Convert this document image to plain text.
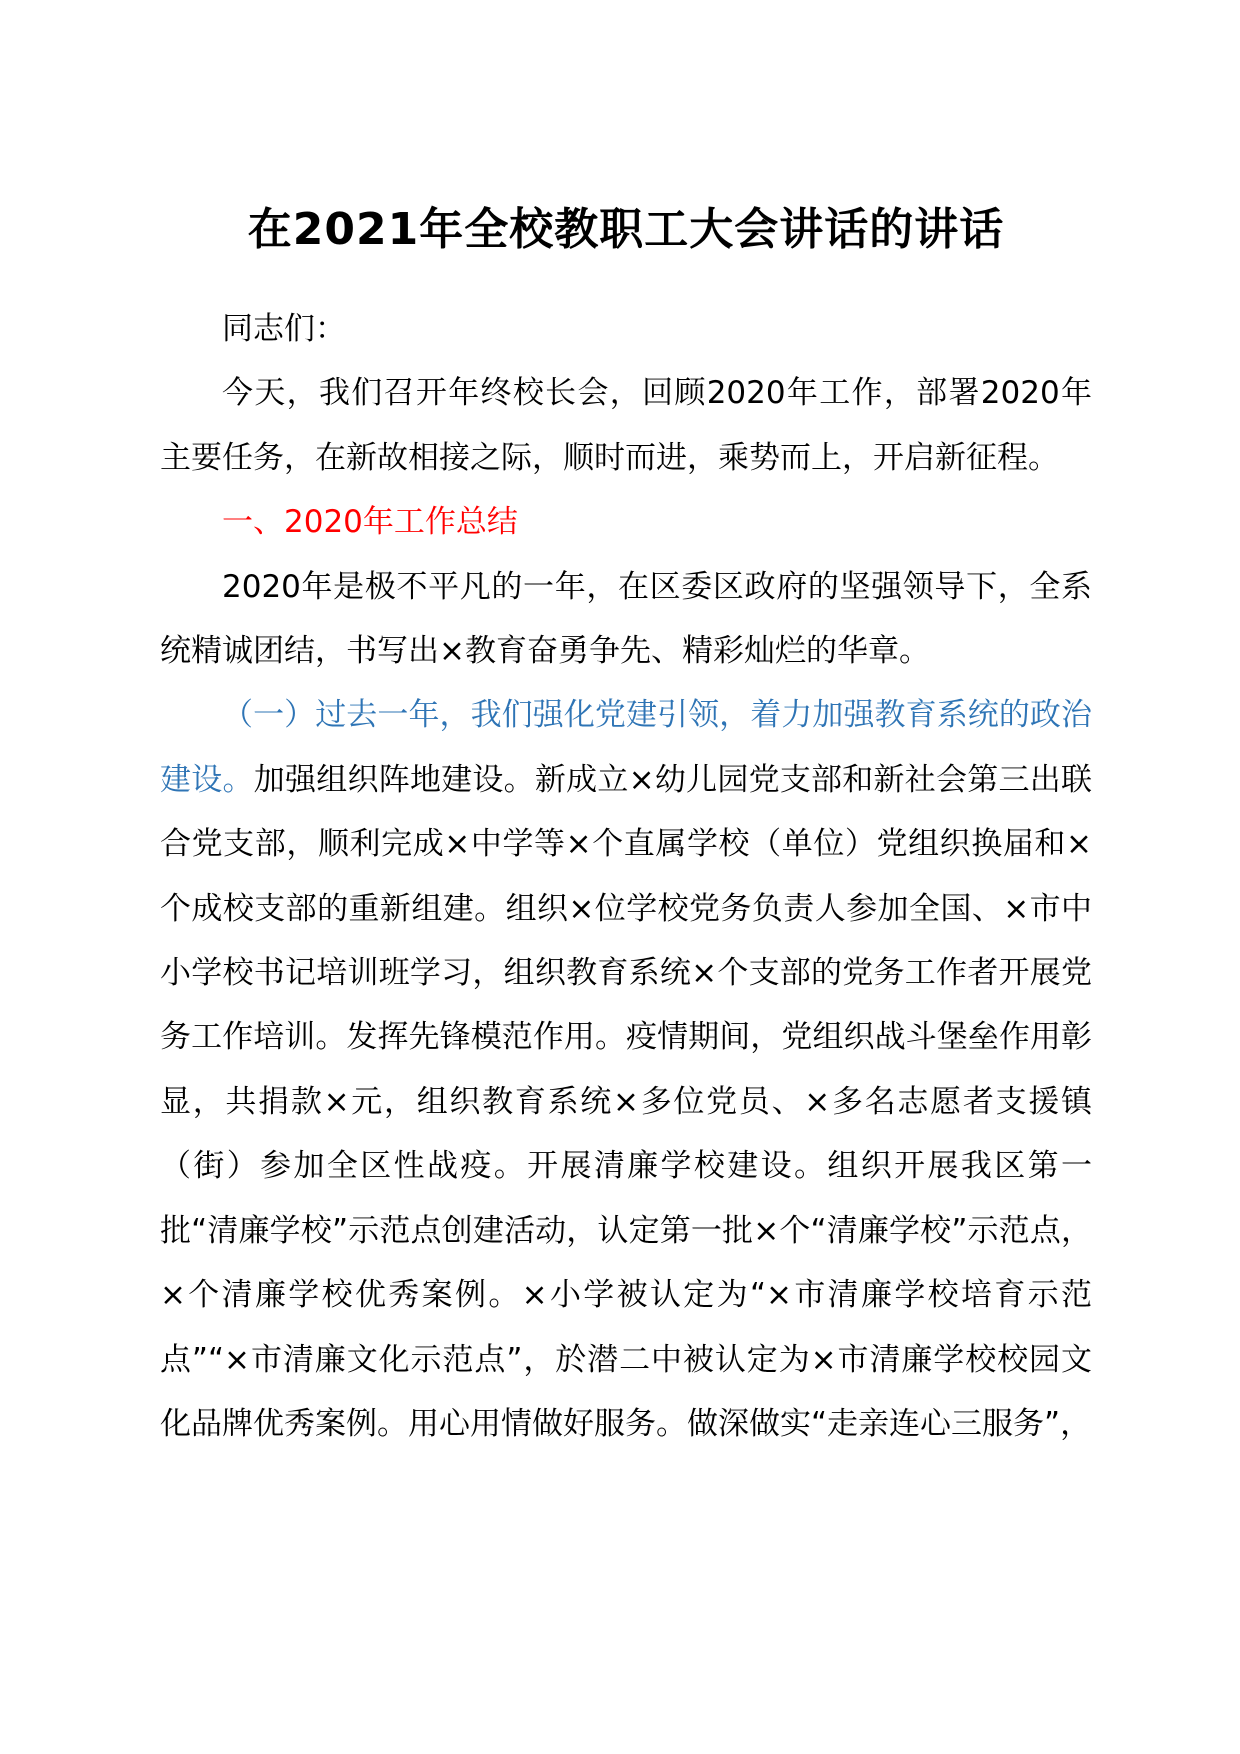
在2021年全校教职工大会讲话的讲话

同志们：

今天，我们召开年终校长会，回顾2020年工作，部署2020年主要任务，在新故相接之际，顺时而进，乘势而上，开启新征程。

一、2020年工作总结

2020年是极不平凡的一年，在区委区政府的坚强领导下，全系统精诚团结，书写出×教育奋勇争先、精彩灿烂的华章。

（一）过去一年，我们强化党建引领，着力加强教育系统的政治建设。加强组织阵地建设。新成立×幼儿园党支部和新社会第三出联合党支部，顺利完成×中学等×个直属学校（单位）党组织换届和×个成校支部的重新组建。组织×位学校党务负责人参加全国、×市中小学校书记培训班学习，组织教育系统×个支部的党务工作者开展党务工作培训。发挥先锋模范作用。疫情期间，党组织战斗堡垒作用彰显，共捐款×元，组织教育系统×多位党员、×多名志愿者支援镇（街）参加全区性战疫。开展清廉学校建设。组织开展我区第一批“清廉学校”示范点创建活动，认定第一批×个“清廉学校”示范点，×个清廉学校优秀案例。×小学被认定为“×市清廉学校培育示范点”“×市清廉文化示范点”，於潜二中被认定为×市清廉学校校园文化品牌优秀案例。用心用情做好服务。做深做实“走亲连心三服务”，
